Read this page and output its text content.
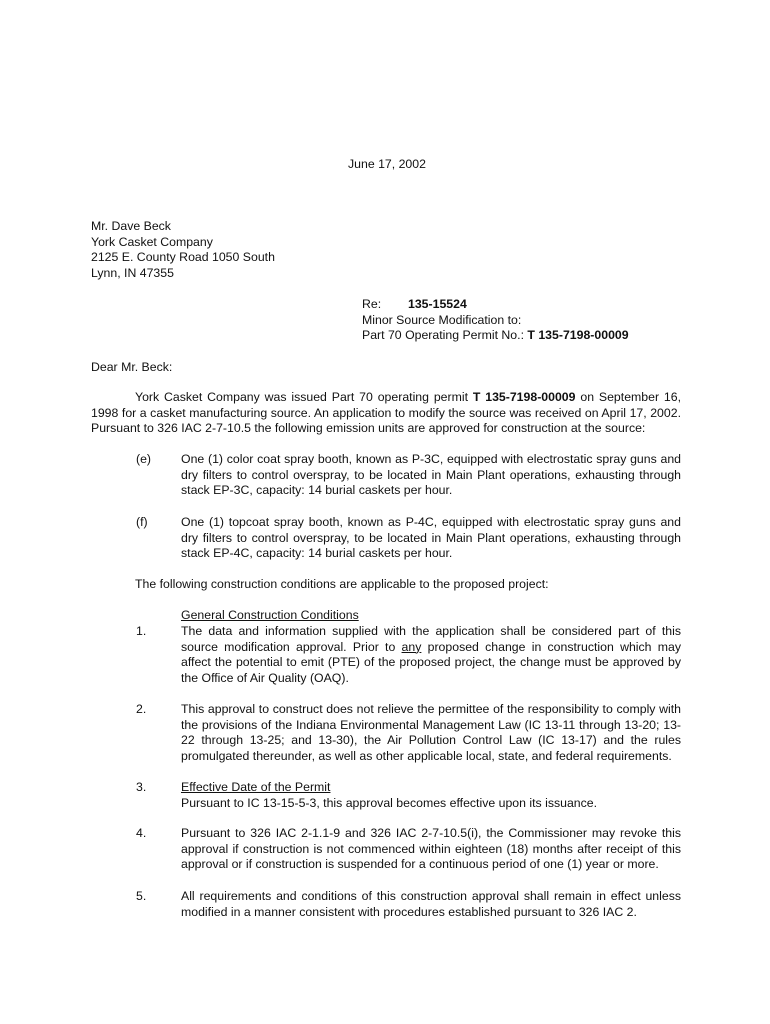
June 17, 2002
Mr. Dave Beck
York Casket Company
2125 E. County Road 1050 South
Lynn, IN 47355
Re: 135-15524
Minor Source Modification to:
Part 70 Operating Permit No.: T 135-7198-00009
Dear Mr. Beck:

York Casket Company was issued Part 70 operating permit T 135-7198-00009 on September 16, 1998 for a casket manufacturing source. An application to modify the source was received on April 17, 2002. Pursuant to 326 IAC 2-7-10.5 the following emission units are approved for construction at the source:

(e) One (1) color coat spray booth, known as P-3C, equipped with electrostatic spray guns and dry filters to control overspray, to be located in Main Plant operations, exhausting through stack EP-3C, capacity: 14 burial caskets per hour.
(f)	One (1) topcoat spray booth, known as P-4C, equipped with electrostatic spray guns and dry filters to control overspray, to be located in Main Plant operations, exhausting through stack EP-4C, capacity: 14 burial caskets per hour.
The following construction conditions are applicable to the proposed project:
General Construction Conditions
1.	The data and information supplied with the application shall be considered part of this source modification approval. Prior to any proposed change in construction which may affect the potential to emit (PTE) of the proposed project, the change must be approved by the Office of Air Quality (OAQ).
2.	This approval to construct does not relieve the permittee of the responsibility to comply with the provisions of the Indiana Environmental Management Law (IC 13-11 through 13-20; 13-22 through 13-25; and 13-30), the Air Pollution Control Law (IC 13-17) and the rules promulgated thereunder, as well as other applicable local, state, and federal requirements.
3.	Effective Date of the Permit
Pursuant to IC 13-15-5-3, this approval becomes effective upon its issuance.
4.	Pursuant to 326 IAC 2-1.1-9 and 326 IAC 2-7-10.5(i), the Commissioner may revoke this approval if construction is not commenced within eighteen (18) months after receipt of this approval or if construction is suspended for a continuous period of one (1) year or more.
5.	All requirements and conditions of this construction approval shall remain in effect unless modified in a manner consistent with procedures established pursuant to 326 IAC 2.
